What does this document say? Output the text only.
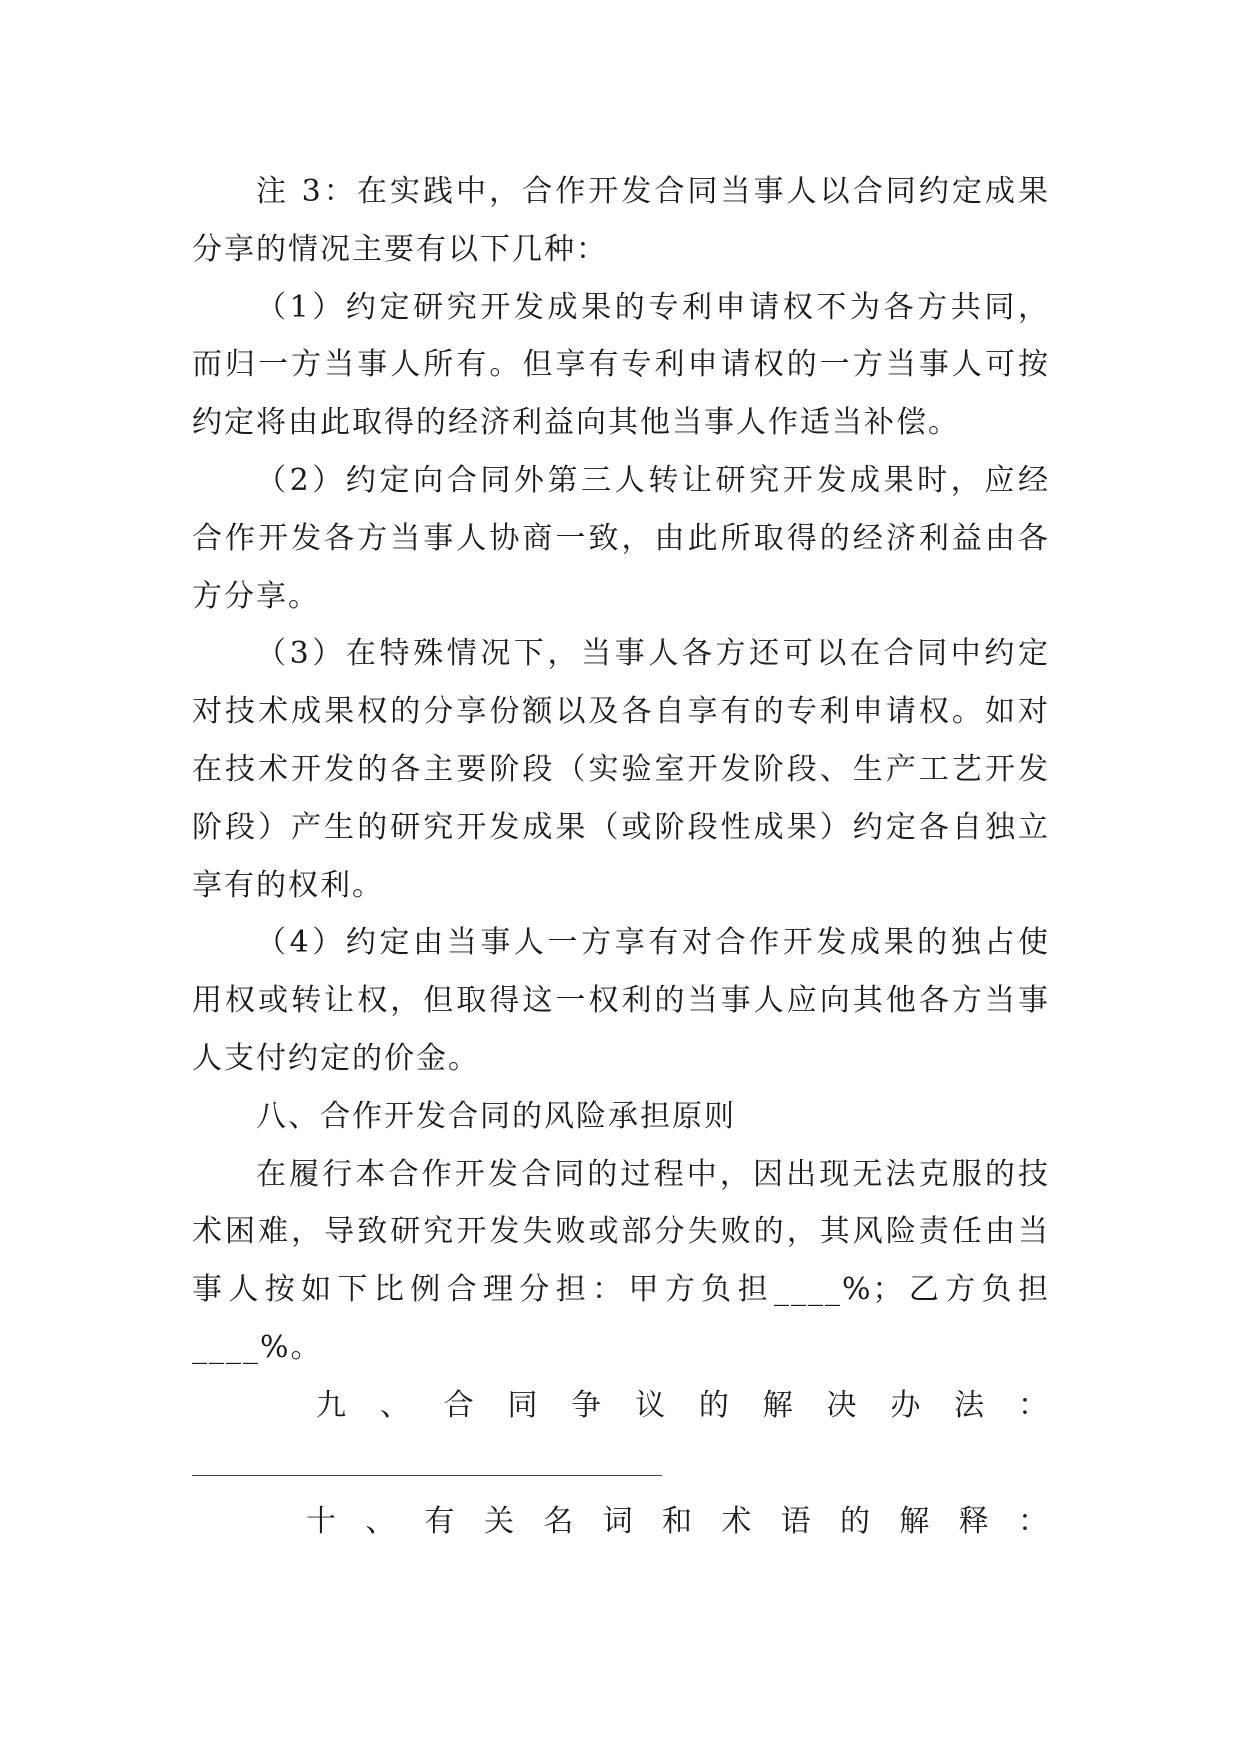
注 3：在实践中，合作开发合同当事人以合同约定成果
分享的情况主要有以下几种：
（1）约定研究开发成果的专利申请权不为各方共同，
而归一方当事人所有。但享有专利申请权的一方当事人可按
约定将由此取得的经济利益向其他当事人作适当补偿。
（2）约定向合同外第三人转让研究开发成果时，应经
合作开发各方当事人协商一致，由此所取得的经济利益由各
方分享。
（3）在特殊情况下，当事人各方还可以在合同中约定
对技术成果权的分享份额以及各自享有的专利申请权。如对
在技术开发的各主要阶段（实验室开发阶段、生产工艺开发
阶段）产生的研究开发成果（或阶段性成果）约定各自独立
享有的权利。
（4）约定由当事人一方享有对合作开发成果的独占使
用权或转让权，但取得这一权利的当事人应向其他各方当事
人支付约定的价金。
八、合作开发合同的风险承担原则
在履行本合作开发合同的过程中，因出现无法克服的技
术困难，导致研究开发失败或部分失败的，其风险责任由当
事人按如下比例合理分担：甲方负担____%；乙方负担
____%。
九、合同争议的解决办法：
十、有关名词和术语的解释：
